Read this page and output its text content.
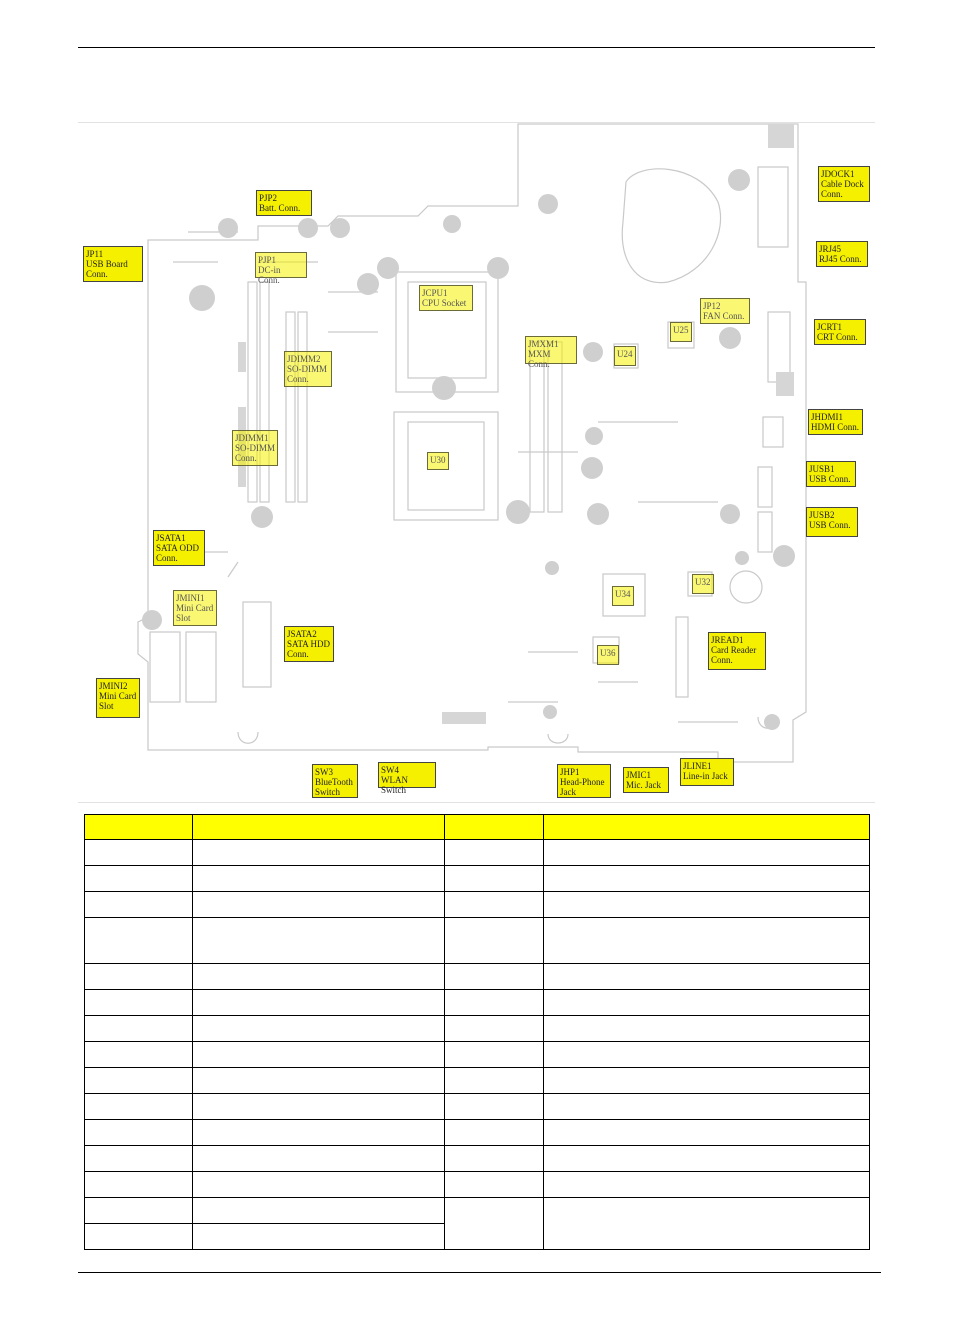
JDOCK1
Cable Dock
Conn.
PJP2
Batt. Conn.
JP11
USB Board
Conn.
PJP1
DC-in Conn.
JRJ45
RJ45 Conn.
JCPU1
CPU Socket	JP12
FAN Conn.
U25	JCRT1
CRT Conn.
JMXM1
MXM Conn.
U24
JDIMM2
SO-DIMM
Conn.
JHDMI1
HDMI Conn.
JDIMM1
SO-DIMM
Conn.	U30
JUSB1
USB Conn.
JUSB2
USB Conn.
JSATA1
SATA ODD
Conn.
U32
JMINI1
Mini Card
Slot
U34
JSATA2
SATA HDD
Conn.
JREAD1
Card Reader
Conn.
U36
JMINI2
Mini Card
Slot
SW3
BlueTooth
Switch
SW4
WLAN Switch
JHP1
Head-Phone
Jack
JMIC1
Mic. Jack
JLINE1
Line-in Jack
